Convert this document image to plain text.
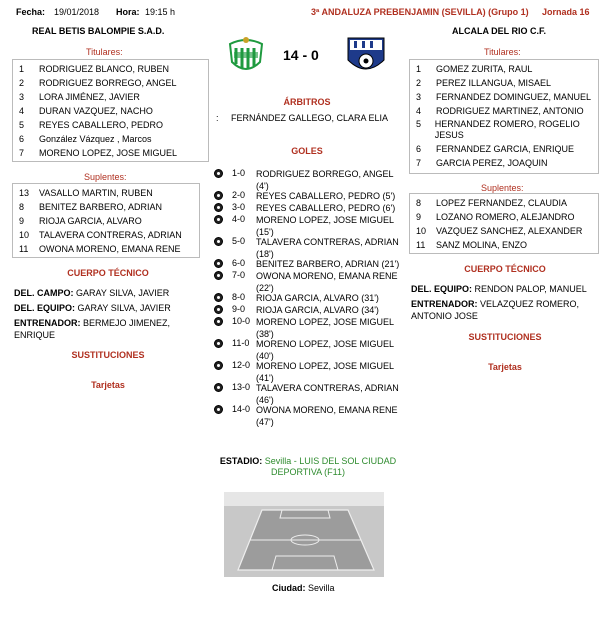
Fecha: 19/01/2018 Hora: 19:15 h	3ª ANDALUZA PREBENJAMIN (SEVILLA) (Grupo 1) Jornada 16
REAL BETIS BALOMPIE S.A.D.	ALCALA DEL RIO C.F.
14 - 0
Titulares:
1	RODRIGUEZ BLANCO, RUBEN
2	RODRIGUEZ BORREGO, ANGEL
3	LORA JIMÉNEZ, JAVIER
4	DURAN VAZQUEZ, NACHO
5	REYES CABALLERO, PEDRO
6	González Vázquez , Marcos
7	MORENO LOPEZ, JOSE MIGUEL
Suplentes:
13	VASALLO MARTIN, RUBEN
8	BENITEZ BARBERO, ADRIAN
9	RIOJA GARCIA, ALVARO
10	TALAVERA CONTRERAS, ADRIAN
11	OWONA MORENO, EMANA RENE
CUERPO TÉCNICO
DEL. CAMPO: GARAY SILVA, JAVIER
DEL. EQUIPO: GARAY SILVA, JAVIER
ENTRENADOR: BERMEJO JIMENEZ, ENRIQUE
SUSTITUCIONES
Tarjetas
ÁRBITROS
: FERNÁNDEZ GALLEGO, CLARA ELIA
GOLES
1-0 RODRIGUEZ BORREGO, ANGEL (4')
2-0 REYES CABALLERO, PEDRO (5')
3-0 REYES CABALLERO, PEDRO (6')
4-0 MORENO LOPEZ, JOSE MIGUEL (15')
5-0 TALAVERA CONTRERAS, ADRIAN (18')
6-0 BENITEZ BARBERO, ADRIAN (21')
7-0 OWONA MORENO, EMANA RENE (22')
8-0 RIOJA GARCIA, ALVARO (31')
9-0 RIOJA GARCIA, ALVARO (34')
10-0 MORENO LOPEZ, JOSE MIGUEL (38')
11-0 MORENO LOPEZ, JOSE MIGUEL (40')
12-0 MORENO LOPEZ, JOSE MIGUEL (41')
13-0 TALAVERA CONTRERAS, ADRIAN (46')
14-0 OWONA MORENO, EMANA RENE (47')
ESTADIO: Sevilla - LUIS DEL SOL CIUDAD DEPORTIVA (F11)
Ciudad: Sevilla
Titulares:
1	GOMEZ ZURITA, RAUL
2	PEREZ ILLANGUA, MISAEL
3	FERNANDEZ DOMINGUEZ, MANUEL
4	RODRIGUEZ MARTINEZ, ANTONIO
5	HERNANDEZ ROMERO, ROGELIO JESUS
6	FERNANDEZ GARCIA, ENRIQUE
7	GARCIA PEREZ, JOAQUIN
Suplentes:
8	LOPEZ FERNANDEZ, CLAUDIA
9	LOZANO ROMERO, ALEJANDRO
10	VAZQUEZ SANCHEZ, ALEXANDER
11	SANZ MOLINA, ENZO
CUERPO TÉCNICO
DEL. EQUIPO: RENDON PALOP, MANUEL
ENTRENADOR: VELAZQUEZ ROMERO, ANTONIO JOSE
SUSTITUCIONES
Tarjetas
